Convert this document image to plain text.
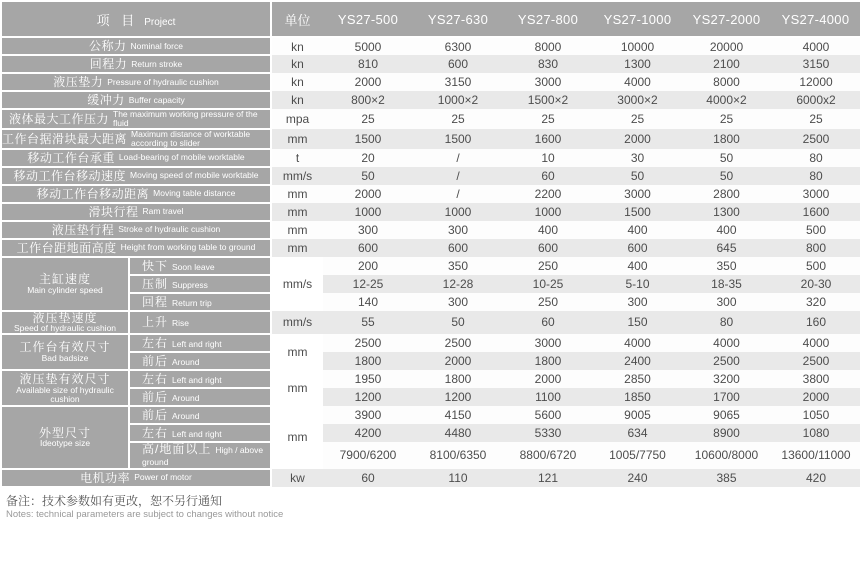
项 目 Project		单位	YS27-500	YS27-630	YS27-800	YS27-1000	YS27-2000	YS27-4000

公称力 Nominal force		kn	5000	6300	8000	10000	20000	4000

回程力 Return stroke		kn	810	600	830	1300	2100	3150

液压垫力 Pressure of hydraulic cushion		kn	2000	3150	3000	4000	8000	12000

缓冲力 Buffer capacity		kn	800×2	1000×2	1500×2	3000×2	4000×2	6000x2

液体最大工作压力 The maximum working pressure of the fluid		mpa	25	25	25	25	25	25

工作台据滑块最大距离 Maximum distance of worktable according to slider		mm	1500	1500	1600	2000	1800	2500

移动工作台承重 Load-bearing of mobile worktable		t	20	/	10	30	50	80

移动工作台移动速度 Moving speed of mobile worktable		mm/s	50	/	60	50	50	80

移动工作台移动距离 Moving table distance		mm	2000	/	2200	3000	2800	3000

滑块行程 Ram travel		mm	1000	1000	1000	1500	1300	1600

液压垫行程 Stroke of hydraulic cushion		mm	300	300	400	400	400	500

工作台距地面高度 Height from working table to ground		mm	600	600	600	600	645	800

主缸速度
Main cylinder speed	快下 Soon leave	mm/s	200	350	250	400	350	500
	压制 Suppress		12-25	12-28	10-25	5-10	18-35	20-30
	回程 Return trip		140	300	250	300	300	320

液压垫速度
Speed of hydraulic cushion	上升 Rise	mm/s	55	50	60	150	80	160

工作台有效尺寸
Bad badsize	左右 Left and right	mm	2500	2500	3000	4000	4000	4000
	前后 Around		1800	2000	1800	2400	2500	2500

液压垫有效尺寸
Available size of hydraulic cushion	左右 Left and right	mm	1950	1800	2000	2850	3200	3800
	前后 Around		1200	1200	1100	1850	1700	2000

外型尺寸
Ideotype size	前后 Around	mm	3900	4150	5600	9005	9065	1050
	左右 Left and right		4200	4480	5330	634	8900	1080
	高/地面以上 High / above ground		7900/6200	8100/6350	8800/6720	1005/7750	10600/8000	13600/11000

电机功率 Power of motor		kw	60	110	121	240	385	420
备注：技术参数如有更改，恕不另行通知
Notes: technical parameters are subject to changes without notice
